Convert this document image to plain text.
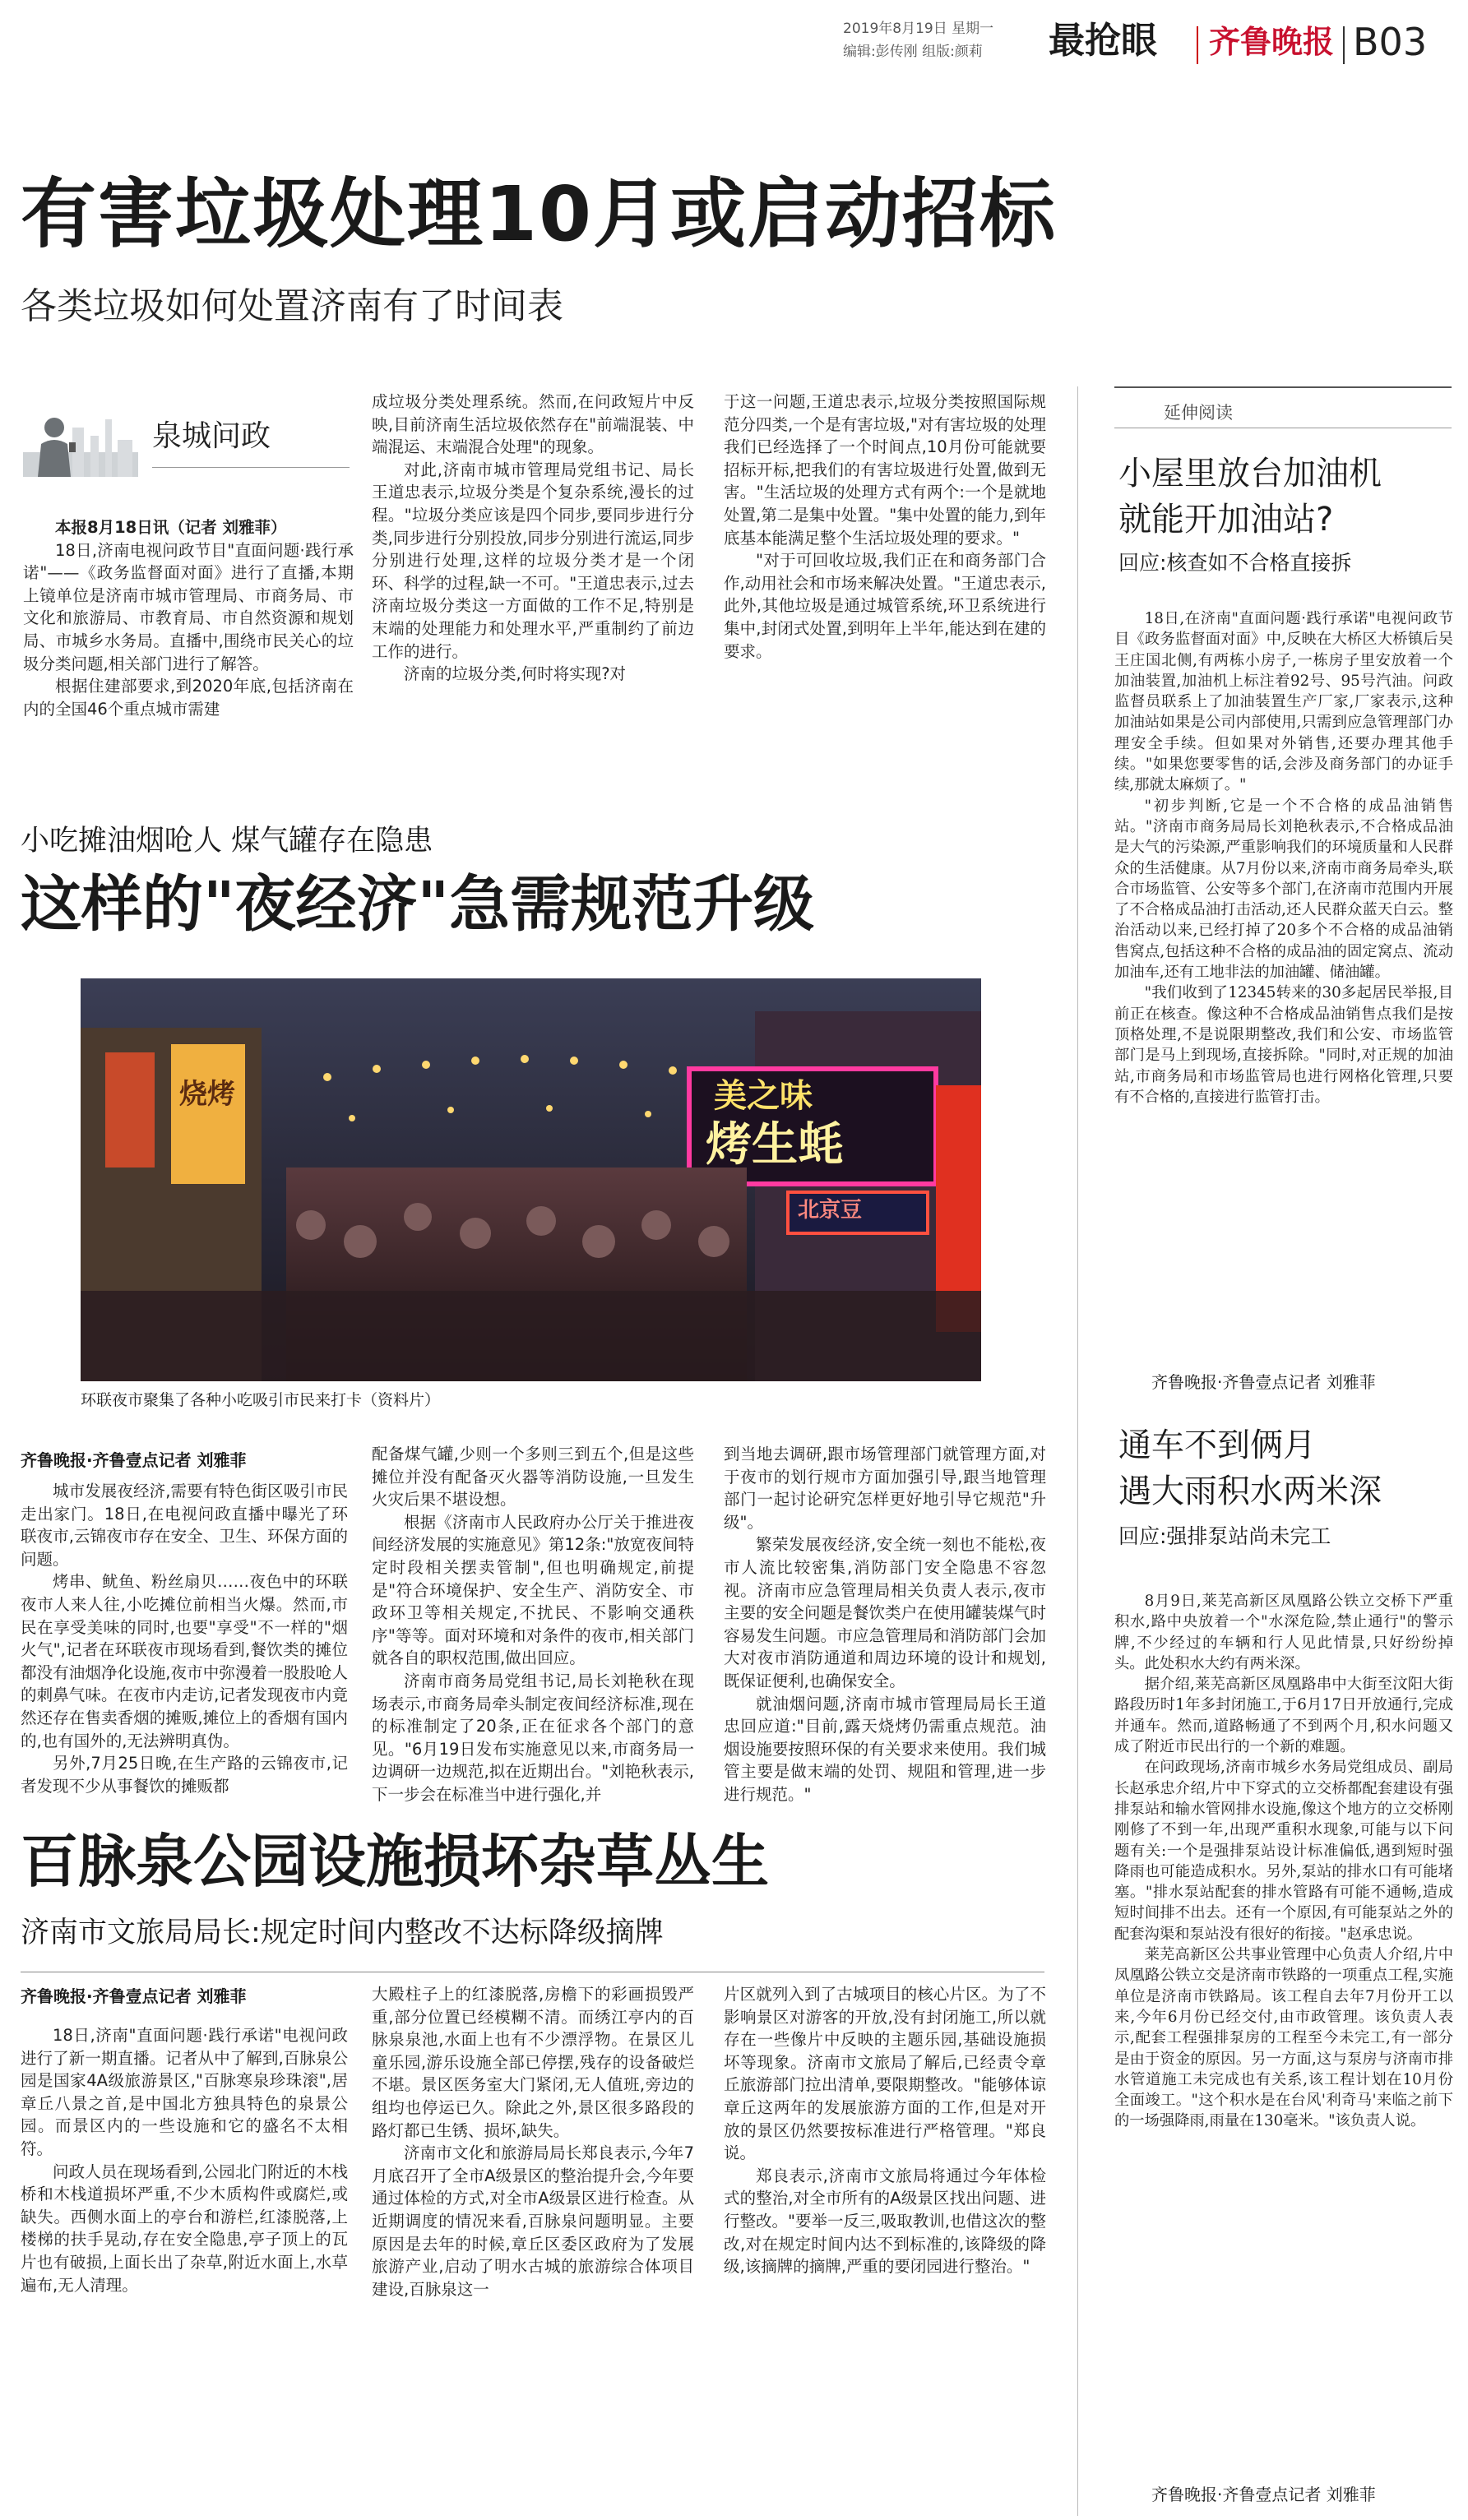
2019年8月19日 星期一
编辑:彭传刚 组版:颜莉 最抢眼 齐鲁晚报 B03
有害垃圾处理10月或启动招标
各类垃圾如何处置济南有了时间表
泉城问政

本报8月18日讯（记者 刘雅菲）

18日,济南电视问政节目"直面问题·践行承诺"——《政务监督面对面》进行了直播,本期上镜单位是济南市城市管理局、市商务局、市文化和旅游局、市教育局、市自然资源和规划局、市城乡水务局。直播中,围绕市民关心的垃圾分类问题,相关部门进行了解答。

根据住建部要求,到2020年底,包括济南在内的全国46个重点城市需建

成垃圾分类处理系统。然而,在问政短片中反映,目前济南生活垃圾依然存在"前端混装、中端混运、末端混合处理"的现象。

对此,济南市城市管理局党组书记、局长王道忠表示,垃圾分类是个复杂系统,漫长的过程。"垃圾分类应该是四个同步,要同步进行分类,同步进行分别投放,同步分别进行流运,同步分别进行处理,这样的垃圾分类才是一个闭环、科学的过程,缺一不可。"王道忠表示,过去济南垃圾分类这一方面做的工作不足,特别是末端的处理能力和处理水平,严重制约了前边工作的进行。

济南的垃圾分类,何时将实现?对

于这一问题,王道忠表示,垃圾分类按照国际规范分四类,一个是有害垃圾,"对有害垃圾的处理我们已经选择了一个时间点,10月份可能就要招标开标,把我们的有害垃圾进行处置,做到无害。"生活垃圾的处理方式有两个:一个是就地处置,第二是集中处置。"集中处置的能力,到年底基本能满足整个生活垃圾处理的要求。"

"对于可回收垃圾,我们正在和商务部门合作,动用社会和市场来解决处置。"王道忠表示,此外,其他垃圾是通过城管系统,环卫系统进行集中,封闭式处置,到明年上半年,能达到在建的要求。

小吃摊油烟呛人 煤气罐存在隐患
这样的"夜经济"急需规范升级
美之味
烤生蚝
北京豆
烧烤
环联夜市聚集了各种小吃吸引市民来打卡（资料片）
齐鲁晚报·齐鲁壹点记者 刘雅菲

城市发展夜经济,需要有特色街区吸引市民走出家门。18日,在电视问政直播中曝光了环联夜市,云锦夜市存在安全、卫生、环保方面的问题。

烤串、鱿鱼、粉丝扇贝……夜色中的环联夜市人来人往,小吃摊位前相当火爆。然而,市民在享受美味的同时,也要"享受"不一样的"烟火气",记者在环联夜市现场看到,餐饮类的摊位都没有油烟净化设施,夜市中弥漫着一股股呛人的刺鼻气味。在夜市内走访,记者发现夜市内竟然还存在售卖香烟的摊贩,摊位上的香烟有国内的,也有国外的,无法辨明真伪。

另外,7月25日晚,在生产路的云锦夜市,记者发现不少从事餐饮的摊贩都

配备煤气罐,少则一个多则三到五个,但是这些摊位并没有配备灭火器等消防设施,一旦发生火灾后果不堪设想。

根据《济南市人民政府办公厅关于推进夜间经济发展的实施意见》第12条:"放宽夜间特定时段相关摆卖管制",但也明确规定,前提是"符合环境保护、安全生产、消防安全、市政环卫等相关规定,不扰民、不影响交通秩序"等等。面对环境和对条件的夜市,相关部门就各自的职权范围,做出回应。

济南市商务局党组书记,局长刘艳秋在现场表示,市商务局牵头制定夜间经济标准,现在的标准制定了20条,正在征求各个部门的意见。"6月19日发布实施意见以来,市商务局一边调研一边规范,拟在近期出台。"刘艳秋表示,下一步会在标准当中进行强化,并

到当地去调研,跟市场管理部门就管理方面,对于夜市的划行规市方面加强引导,跟当地管理部门一起讨论研究怎样更好地引导它规范"升级"。

繁荣发展夜经济,安全统一刻也不能松,夜市人流比较密集,消防部门安全隐患不容忽视。济南市应急管理局相关负责人表示,夜市主要的安全问题是餐饮类户在使用罐装煤气时容易发生问题。市应急管理局和消防部门会加大对夜市消防通道和周边环境的设计和规划,既保证便利,也确保安全。

就油烟问题,济南市城市管理局局长王道忠回应道:"目前,露天烧烤仍需重点规范。油烟设施要按照环保的有关要求来使用。我们城管主要是做末端的处罚、规阻和管理,进一步进行规范。"

百脉泉公园设施损坏杂草丛生
济南市文旅局局长:规定时间内整改不达标降级摘牌
齐鲁晚报·齐鲁壹点记者 刘雅菲

18日,济南"直面问题·践行承诺"电视问政进行了新一期直播。记者从中了解到,百脉泉公园是国家4A级旅游景区,"百脉寒泉珍珠滚",居章丘八景之首,是中国北方独具特色的泉景公园。而景区内的一些设施和它的盛名不太相符。

问政人员在现场看到,公园北门附近的木栈桥和木栈道损坏严重,不少木质构件或腐烂,或缺失。西侧水面上的亭台和游栏,红漆脱落,上楼梯的扶手晃动,存在安全隐患,亭子顶上的瓦片也有破损,上面长出了杂草,附近水面上,水草遍布,无人清理。

大殿柱子上的红漆脱落,房檐下的彩画损毁严重,部分位置已经模糊不清。而绣江亭内的百脉泉泉池,水面上也有不少漂浮物。在景区儿童乐园,游乐设施全部已停摆,残存的设备破烂不堪。景区医务室大门紧闭,无人值班,旁边的组均也停运已久。除此之外,景区很多路段的路灯都已生锈、损坏,缺失。

济南市文化和旅游局局长郑良表示,今年7月底召开了全市A级景区的整治提升会,今年要通过体检的方式,对全市A级景区进行检查。从近期调度的情况来看,百脉泉问题明显。主要原因是去年的时候,章丘区委区政府为了发展旅游产业,启动了明水古城的旅游综合体项目建设,百脉泉这一

片区就列入到了古城项目的核心片区。为了不影响景区对游客的开放,没有封闭施工,所以就存在一些像片中反映的主题乐园,基础设施损坏等现象。济南市文旅局了解后,已经责令章丘旅游部门拉出清单,要限期整改。"能够体谅章丘这两年的发展旅游方面的工作,但是对开放的景区仍然要按标准进行严格管理。"郑良说。

郑良表示,济南市文旅局将通过今年体检式的整治,对全市所有的A级景区找出问题、进行整改。"要举一反三,吸取教训,也借这次的整改,对在规定时间内达不到标准的,该降级的降级,该摘牌的摘牌,严重的要闭园进行整治。"

延伸阅读
小屋里放台加油机
就能开加油站?
回应:核查如不合格直接拆

18日,在济南"直面问题·践行承诺"电视问政节目《政务监督面对面》中,反映在大桥区大桥镇后吴王庄国北侧,有两栋小房子,一栋房子里安放着一个加油装置,加油机上标注着92号、95号汽油。问政监督员联系上了加油装置生产厂家,厂家表示,这种加油站如果是公司内部使用,只需到应急管理部门办理安全手续。但如果对外销售,还要办理其他手续。"如果您要零售的话,会涉及商务部门的办证手续,那就太麻烦了。"

"初步判断,它是一个不合格的成品油销售站。"济南市商务局局长刘艳秋表示,不合格成品油是大气的污染源,严重影响我们的环境质量和人民群众的生活健康。从7月份以来,济南市商务局牵头,联合市场监管、公安等多个部门,在济南市范围内开展了不合格成品油打击活动,还人民群众蓝天白云。整治活动以来,已经打掉了20多个不合格的成品油销售窝点,包括这种不合格的成品油的固定窝点、流动加油车,还有工地非法的加油罐、储油罐。

"我们收到了12345转来的30多起居民举报,目前正在核查。像这种不合格成品油销售点我们是按顶格处理,不是说限期整改,我们和公安、市场监管部门是马上到现场,直接拆除。"同时,对正规的加油站,市商务局和市场监管局也进行网格化管理,只要有不合格的,直接进行监管打击。

齐鲁晚报·齐鲁壹点记者 刘雅菲
通车不到俩月
遇大雨积水两米深
回应:强排泵站尚未完工

8月9日,莱芜高新区凤凰路公铁立交桥下严重积水,路中央放着一个"水深危险,禁止通行"的警示牌,不少经过的车辆和行人见此情景,只好纷纷掉头。此处积水大约有两米深。

据介绍,莱芜高新区凤凰路串中大街至汶阳大街路段历时1年多封闭施工,于6月17日开放通行,完成并通车。然而,道路畅通了不到两个月,积水问题又成了附近市民出行的一个新的难题。

在问政现场,济南市城乡水务局党组成员、副局长赵承忠介绍,片中下穿式的立交桥都配套建设有强排泵站和输水管网排水设施,像这个地方的立交桥刚刚修了不到一年,出现严重积水现象,可能与以下问题有关:一个是强排泵站设计标准偏低,遇到短时强降雨也可能造成积水。另外,泵站的排水口有可能堵塞。"排水泵站配套的排水管路有可能不通畅,造成短时间排不出去。还有一个原因,有可能泵站之外的配套沟渠和泵站没有很好的衔接。"赵承忠说。

莱芜高新区公共事业管理中心负责人介绍,片中凤凰路公铁立交是济南市铁路的一项重点工程,实施单位是济南市铁路局。该工程自去年7月份开工以来,今年6月份已经交付,由市政管理。该负责人表示,配套工程强排泵房的工程至今未完工,有一部分是由于资金的原因。另一方面,这与泵房与济南市排水管道施工未完成也有关系,该工程计划在10月份全面竣工。"这个积水是在台风'利奇马'来临之前下的一场强降雨,雨量在130毫米。"该负责人说。

齐鲁晚报·齐鲁壹点记者 刘雅菲
